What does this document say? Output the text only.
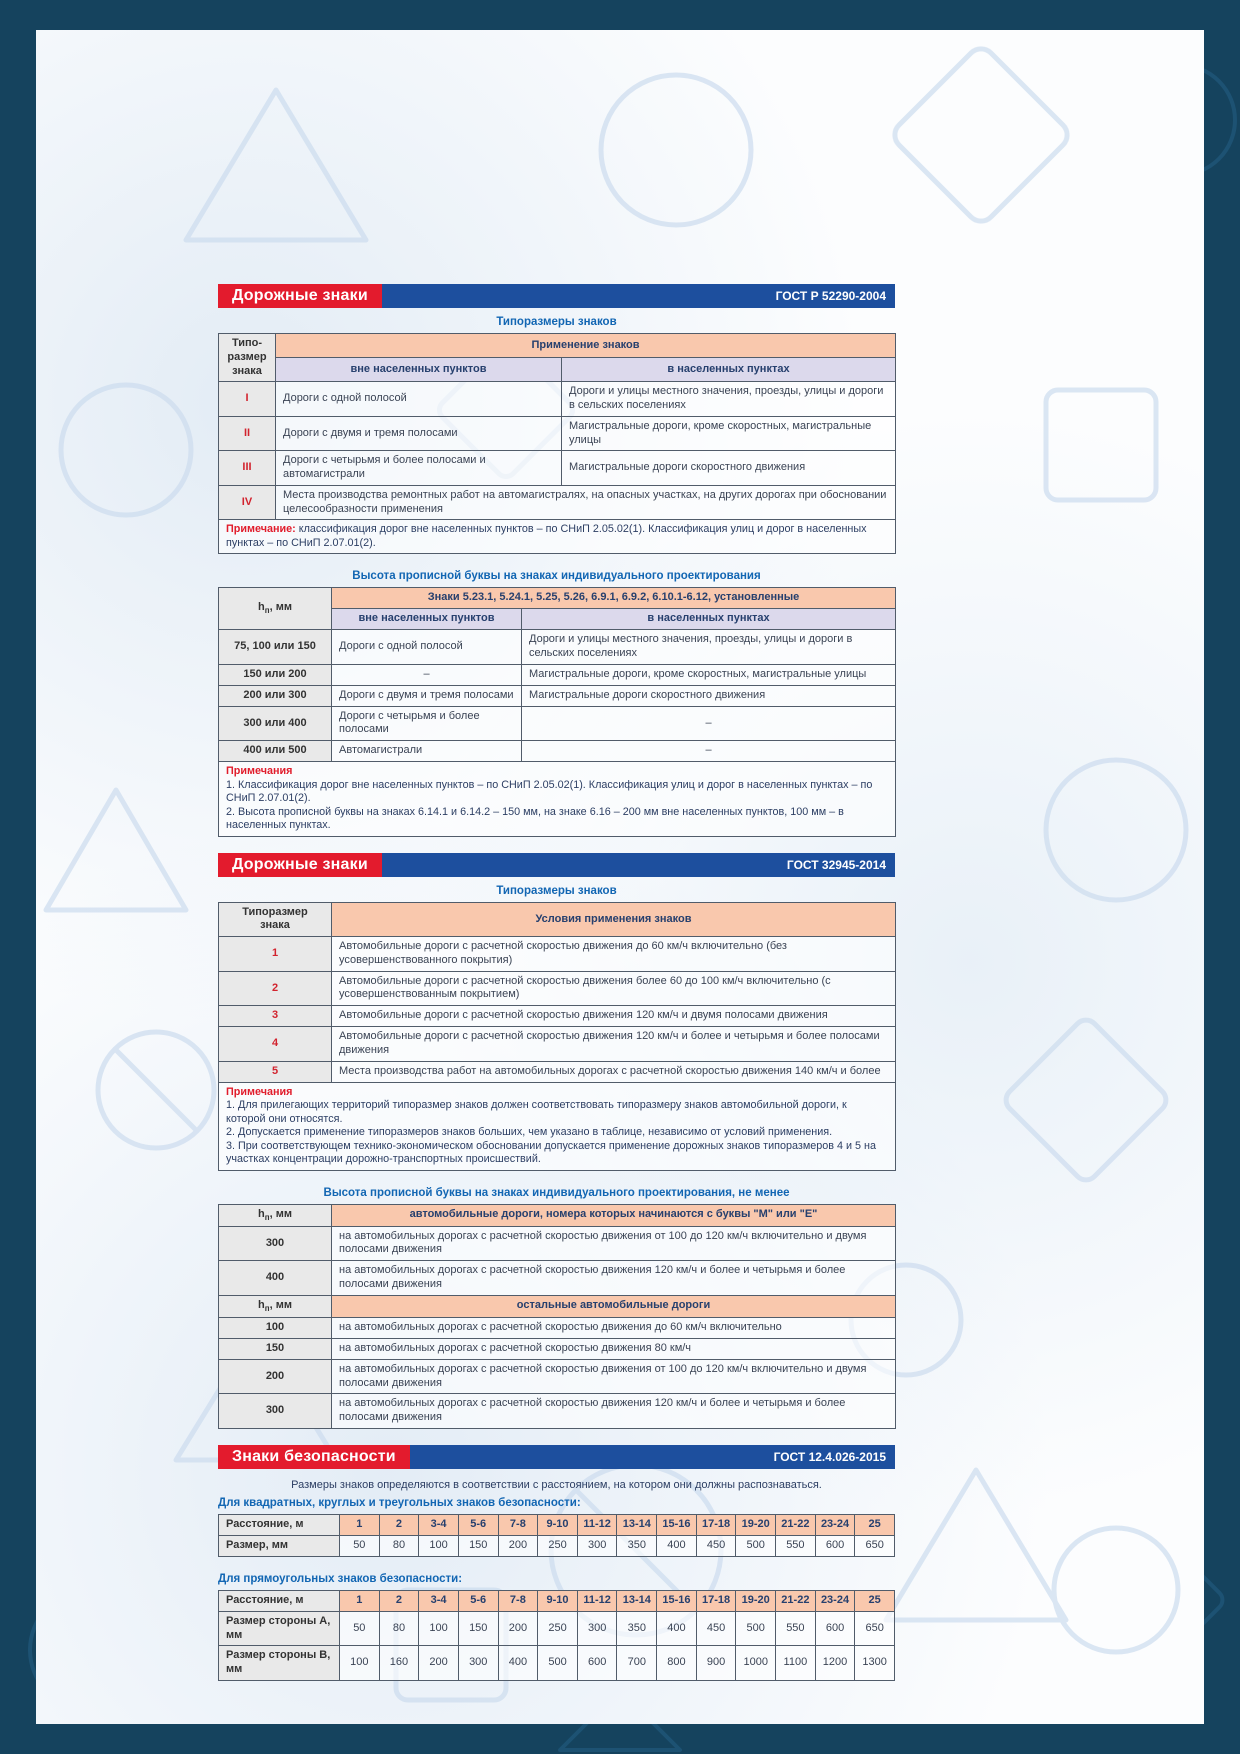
Дорожные знаки	ГОСТ Р 52290-2004
Типоразмеры знаков
Типо-размер знака	Применение знаков	
	вне населенных пунктов	в населенных пунктах
I	Дороги с одной полосой	Дороги и улицы местного значения, проезды, улицы и дороги в сельских поселениях
II	Дороги с двумя и тремя полосами	Магистральные дороги, кроме скоростных, магистральные улицы
III	Дороги с четырьмя и более полосами и автомагистрали	Магистральные дороги скоростного движения
IV	Места производства ремонтных работ на автомагистралях, на опасных участках, на других дорогах при обосновании целесообразности применения	
Примечание: классификация дорог вне населенных пунктов – по СНиП 2.05.02(1). Классификация улиц и дорог в населенных пунктах – по СНиП 2.07.01(2).		
Высота прописной буквы на знаках индивидуального проектирования
$h_п$, мм	Знаки 5.23.1, 5.24.1, 5.25, 5.26, 6.9.1, 6.9.2, 6.10.1-6.12, установленные	
	вне населенных пунктов	в населенных пунктах
75, 100 или 150	Дороги с одной полосой	Дороги и улицы местного значения, проезды, улицы и дороги в сельских поселениях
150 или 200	–	Магистральные дороги, кроме скоростных, магистральные улицы
200 или 300	Дороги с двумя и тремя полосами	Магистральные дороги скоростного движения
300 или 400	Дороги с четырьмя и более полосами	–
400 или 500	Автомагистрали	–

Примечания
1. Классификация дорог вне населенных пунктов – по СНиП 2.05.02(1). Классификация улиц и дорог в населенных пунктах – по СНиП 2.07.01(2).
2. Высота прописной буквы на знаках 6.14.1 и 6.14.2 – 150 мм, на знаке 6.16 – 200 мм вне населенных пунктов, 100 мм – в населенных пунктах.		
Дорожные знаки	ГОСТ 32945-2014
Типоразмеры знаков
Типоразмер знака	Условия применения знаков
1	Автомобильные дороги с расчетной скоростью движения до 60 км/ч включительно (без усовершенствованного покрытия)
2	Автомобильные дороги с расчетной скоростью движения более 60 до 100 км/ч включительно (с усовершенствованным покрытием)
3	Автомобильные дороги с расчетной скоростью движения 120 км/ч и двумя полосами движения
4	Автомобильные дороги с расчетной скоростью движения 120 км/ч и более и четырьмя и более полосами движения
5	Места производства работ на автомобильных дорогах с расчетной скоростью движения 140 км/ч и более

Примечания
1. Для прилегающих территорий типоразмер знаков должен соответствовать типоразмеру знаков автомобильной дороги, к которой они относятся.
2. Допускается применение типоразмеров знаков больших, чем указано в таблице, независимо от условий применения.
3. При соответствующем технико-экономическом обосновании допускается применение дорожных знаков типоразмеров 4 и 5 на участках концентрации дорожно-транспортных происшествий.	
Высота прописной буквы на знаках индивидуального проектирования, не менее
$h_п$, мм	автомобильные дороги, номера которых начинаются с буквы "М" или "Е"
300	на автомобильных дорогах с расчетной скоростью движения от 100 до 120 км/ч включительно и двумя полосами движения
400	на автомобильных дорогах с расчетной скоростью движения 120 км/ч и более и четырьмя и более полосами движения
$h_п$, мм	остальные автомобильные дороги
100	на автомобильных дорогах с расчетной скоростью движения до 60 км/ч включительно
150	на автомобильных дорогах с расчетной скоростью движения 80 км/ч
200	на автомобильных дорогах с расчетной скоростью движения от 100 до 120 км/ч включительно и двумя полосами движения
300	на автомобильных дорогах с расчетной скоростью движения 120 км/ч и более и четырьмя и более полосами движения
Знаки безопасности	ГОСТ 12.4.026-2015
Размеры знаков определяются в соответствии с расстоянием, на котором они должны распознаваться.
Для квадратных, круглых и треугольных знаков безопасности:
Расстояние, м	1	2	3-4	5-6	7-8	9-10	11-12	13-14	15-16	17-18	19-20	21-22	23-24	25
Размер, мм	50	80	100	150	200	250	300	350	400	450	500	550	600	650
Для прямоугольных знаков безопасности:
Расстояние, м	1	2	3-4	5-6	7-8	9-10	11-12	13-14	15-16	17-18	19-20	21-22	23-24	25
Размер стороны А, мм	50	80	100	150	200	250	300	350	400	450	500	550	600	650
Размер стороны В, мм	100	160	200	300	400	500	600	700	800	900	1000	1100	1200	1300
